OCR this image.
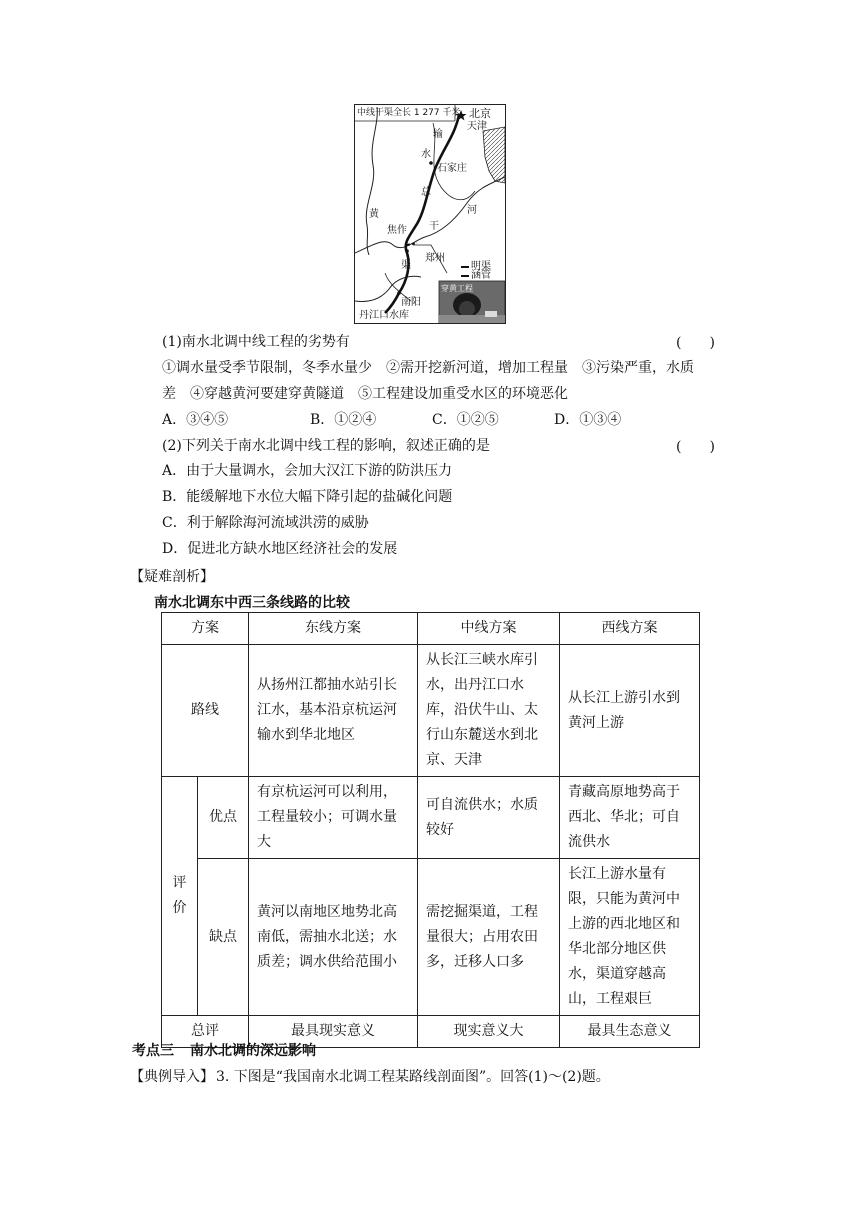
中线干渠全长 1 277 千米 北京
天津
输
水
石家庄
总
黄	河
干
焦作
郑州
渠	明渠
涵管
穿黄工程
南阳
丹江口水库
(1)南水北调中线工程的劣势有	(　　)
①调水量受季节限制，冬季水量少　②需开挖新河道，增加工程量　③污染严重，水质
差　④穿越黄河要建穿黄隧道　⑤工程建设加重受水区的环境恶化
A．③④⑤	B．①②④	C．①②⑤	D．①③④
(2)下列关于南水北调中线工程的影响，叙述正确的是	(　　)
A．由于大量调水，会加大汉江下游的防洪压力
B．能缓解地下水位大幅下降引起的盐碱化问题
C．利于解除海河流域洪涝的威胁
D．促进北方缺水地区经济社会的发展
【疑难剖析】
南水北调东中西三条线路的比较
方案		东线方案	中线方案	西线方案
路线		从扬州江都抽水站引长江水，基本沿京杭运河输水到华北地区	从长江三峡水库引水，出丹江口水库，沿伏牛山、太行山东麓送水到北京、天津	从长江上游引水到黄河上游
评价	优点	有京杭运河可以利用，工程量较小；可调水量大	可自流供水；水质较好	青藏高原地势高于西北、华北；可自流供水
	缺点	黄河以南地区地势北高南低，需抽水北送；水质差；调水供给范围小	需挖掘渠道，工程量很大；占用农田多，迁移人口多	长江上游水量有限，只能为黄河中上游的西北地区和华北部分地区供水，渠道穿越高山，工程艰巨
总评		最具现实意义	现实意义大	最具生态意义
考点三 南水北调的深远影响
【典例导入】 3. 下图是“我国南水北调工程某路线剖面图”。回答(1)～(2)题。
